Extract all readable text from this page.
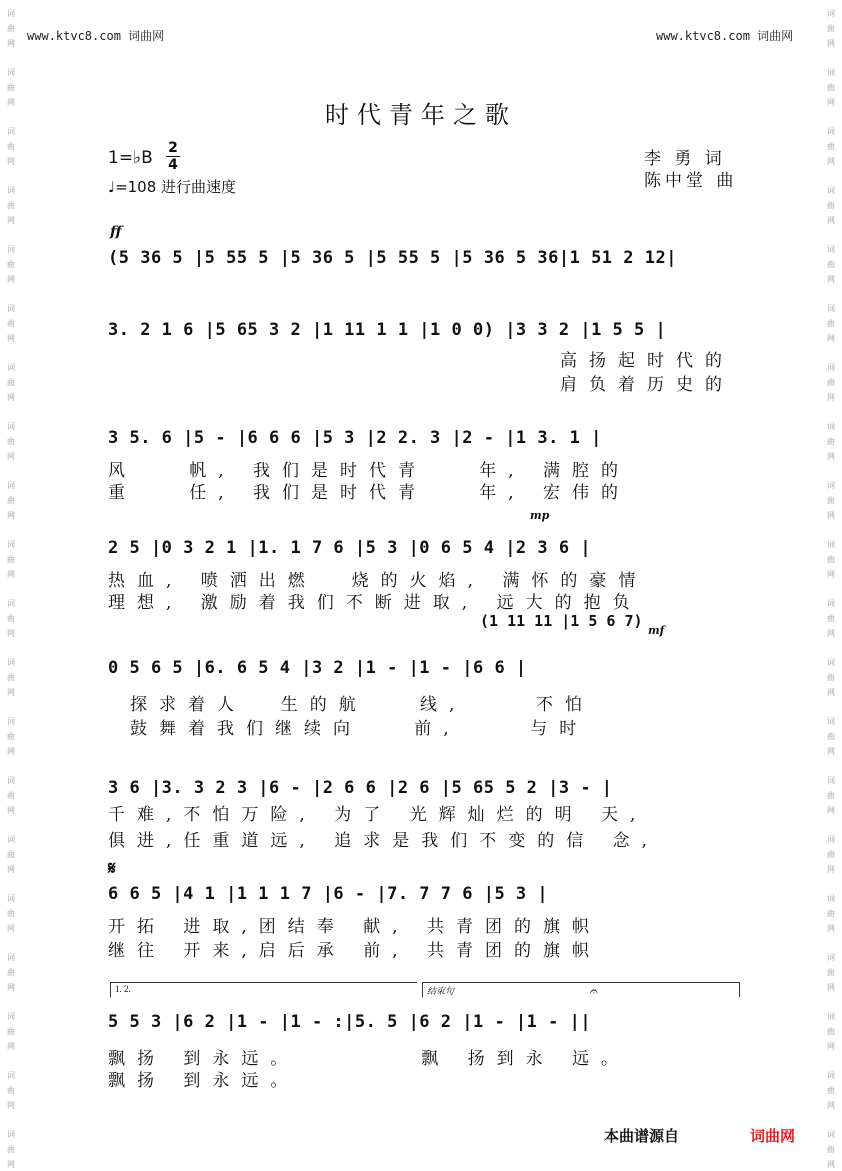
词
曲
网
词
曲
网
词
曲
网
词
曲
网
词
曲
网
词
曲
网
词
曲
网
词
曲
网
词
曲
网
词
曲
网
词
曲
网
词
曲
网
词
曲
网
词
曲
网
词
曲
网
词
曲
网
词
曲
网
词
曲
网
词
曲
网
词
曲
网
词
曲
网
词
曲
网
词
曲
网
词
曲
网
词
曲
网
词
曲
网
词
曲
网
词
曲
网
词
曲
网
词
曲
网
词
曲
网
词
曲
网
词
曲
网
词
曲
网
词
曲
网
词
曲
网
词
曲
网
词
曲
网
词
曲
网
词
曲
网
www.ktvc8.com 词曲网	www.ktvc8.com 词曲网
时代青年之歌
1=♭B 2
4
♩=108 进行曲速度
李 勇 词
陈中堂 曲
ff
mp
mf
(5 36 5 |5 55 5 |5 36 5 |5 55 5 |5 36 5 36|1 51 2 12|
3. 2 1 6 |5 65 3 2 |1 11 1 1 |1 0 0) |3 3 2 |1 5 5 |
高扬起时代的
肩负着历史的
3 5. 6 |5 - |6 6 6 |5 3 |2 2. 3 |2 - |1 3. 1 |
风   帆, 我们是时代青   年, 满腔的
重   任, 我们是时代青   年, 宏伟的
2 5 |0 3 2 1 |1. 1 7 6 |5 3 |0 6 5 4 |2 3 6 |
热血, 喷洒出燃  烧的火焰, 满怀的豪情
理想, 激励着我们不断进取, 远大的抱负
(1 11 11 |1 5 6 7)
0 5 6 5 |6. 6 5 4 |3 2 |1 - |1 - |6 6 |
探求着人  生的航   线,    不怕
鼓舞着我们继续向   前,    与时
3 6 |3. 3 2 3 |6 - |2 6 6 |2 6 |5 65 5 2 |3 - |
千难,不怕万险, 为了 光辉灿烂的明 天,
俱进,任重道远, 追求是我们不变的信 念,
𝄋
6 6 5 |4 1 |1 1 1 7 |6 - |7. 7 7 6 |5 3 |
开拓 进取,团结奉 献, 共青团的旗帜
继往 开来,启后承 前, 共青团的旗帜
1. 2.	结束句	𝄐
5 5 3 |6 2 |1 - |1 - :|5. 5 |6 2 |1 - |1 - ||
飘扬 到永远。       飘 扬到永 远。
飘扬 到永远。
本曲谱源自	词曲网
